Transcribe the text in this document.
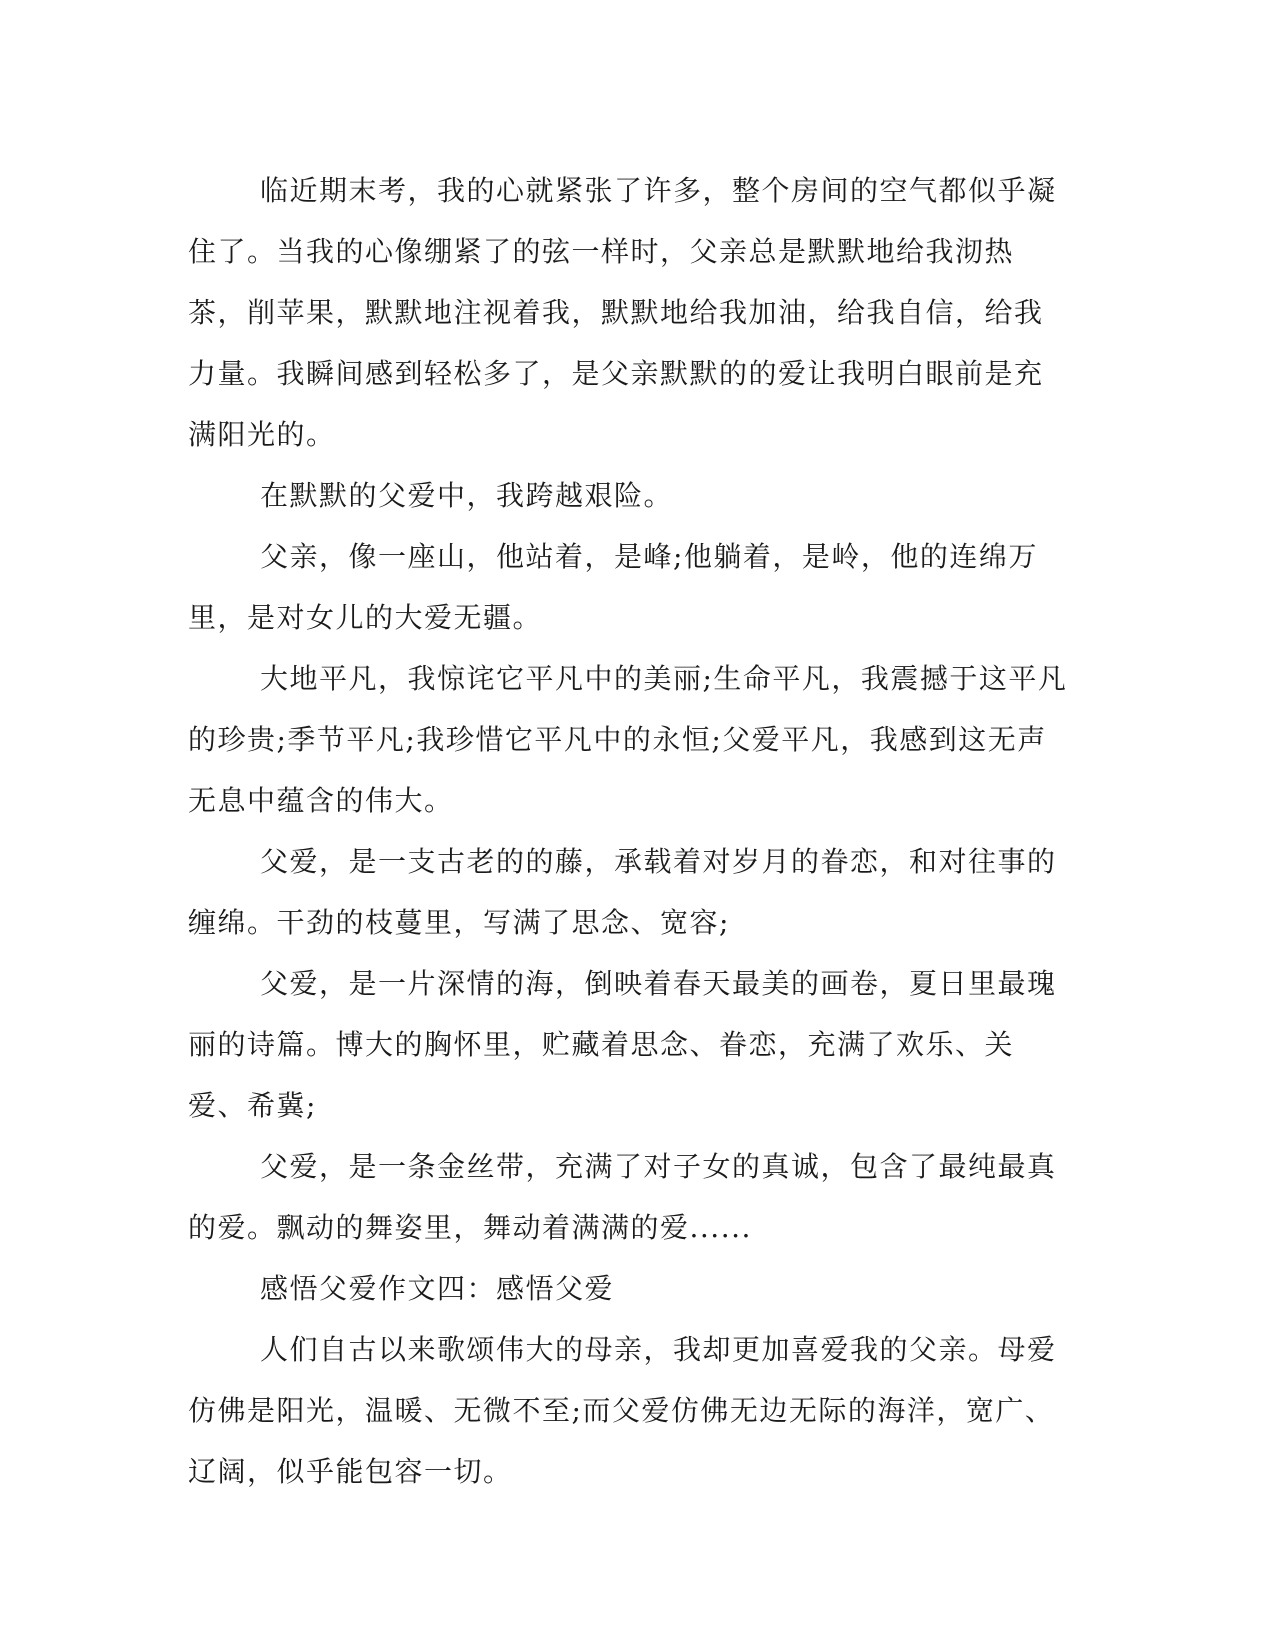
临近期末考，我的心就紧张了许多，整个房间的空气都似乎凝住了。当我的心像绷紧了的弦一样时，父亲总是默默地给我沏热茶，削苹果，默默地注视着我，默默地给我加油，给我自信，给我力量。我瞬间感到轻松多了，是父亲默默的的爱让我明白眼前是充满阳光的。

在默默的父爱中，我跨越艰险。

父亲，像一座山，他站着，是峰;他躺着，是岭，他的连绵万里，是对女儿的大爱无疆。

大地平凡，我惊诧它平凡中的美丽;生命平凡，我震撼于这平凡的珍贵;季节平凡;我珍惜它平凡中的永恒;父爱平凡，我感到这无声无息中蕴含的伟大。

父爱，是一支古老的的藤，承载着对岁月的眷恋，和对往事的缠绵。干劲的枝蔓里，写满了思念、宽容;

父爱，是一片深情的海，倒映着春天最美的画卷，夏日里最瑰丽的诗篇。博大的胸怀里，贮藏着思念、眷恋，充满了欢乐、关爱、希冀;

父爱，是一条金丝带，充满了对子女的真诚，包含了最纯最真的爱。飘动的舞姿里，舞动着满满的爱......

感悟父爱作文四：感悟父爱

人们自古以来歌颂伟大的母亲，我却更加喜爱我的父亲。母爱仿佛是阳光，温暖、无微不至;而父爱仿佛无边无际的海洋，宽广、辽阔，似乎能包容一切。
